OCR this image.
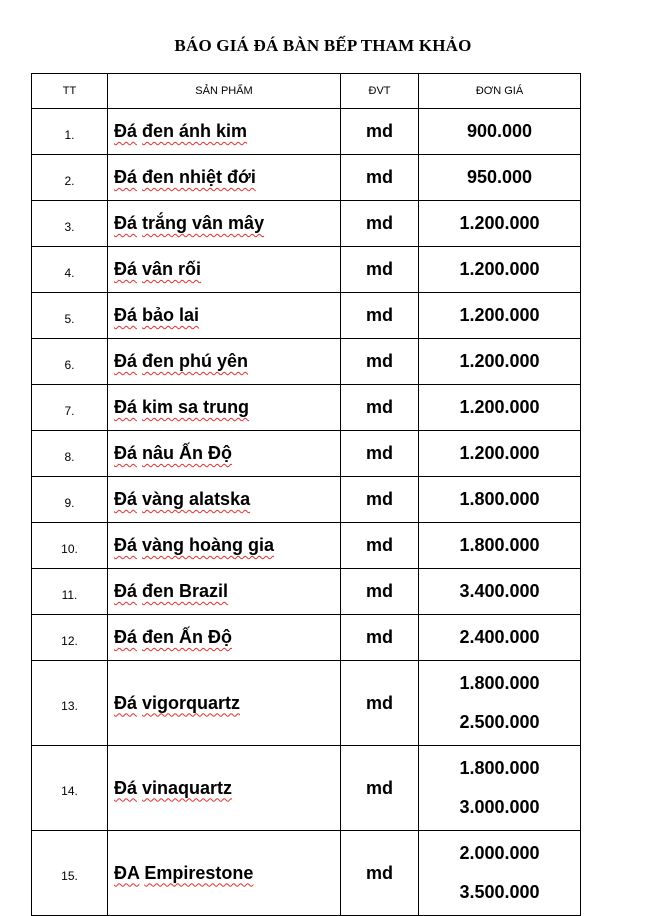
BÁO GIÁ ĐÁ BÀN BẾP THAM KHẢO
TT	SẢN PHẨM	ĐVT	ĐƠN GIÁ
1.	Đá đen ánh kim	md	900.000

2.	Đá đen nhiệt đới	md	950.000

3.	Đá trắng vân mây	md	1.200.000

4.	Đá vân rối	md	1.200.000

5.	Đá bảo lai	md	1.200.000

6.	Đá đen phú yên	md	1.200.000

7.	Đá kim sa trung	md	1.200.000

8.	Đá nâu Ấn Độ	md	1.200.000

9.	Đá vàng alatska	md	1.800.000

10.	Đá vàng hoàng gia	md	1.800.000

11.	Đá đen Brazil	md	3.400.000

12.	Đá đen Ấn Độ	md	2.400.000

13.	Đá vigorquartz	md	1.800.000
2.500.000

14.	Đá vinaquartz	md	1.800.000
3.000.000

15.	ĐA Empirestone	md	2.000.000
3.500.000
